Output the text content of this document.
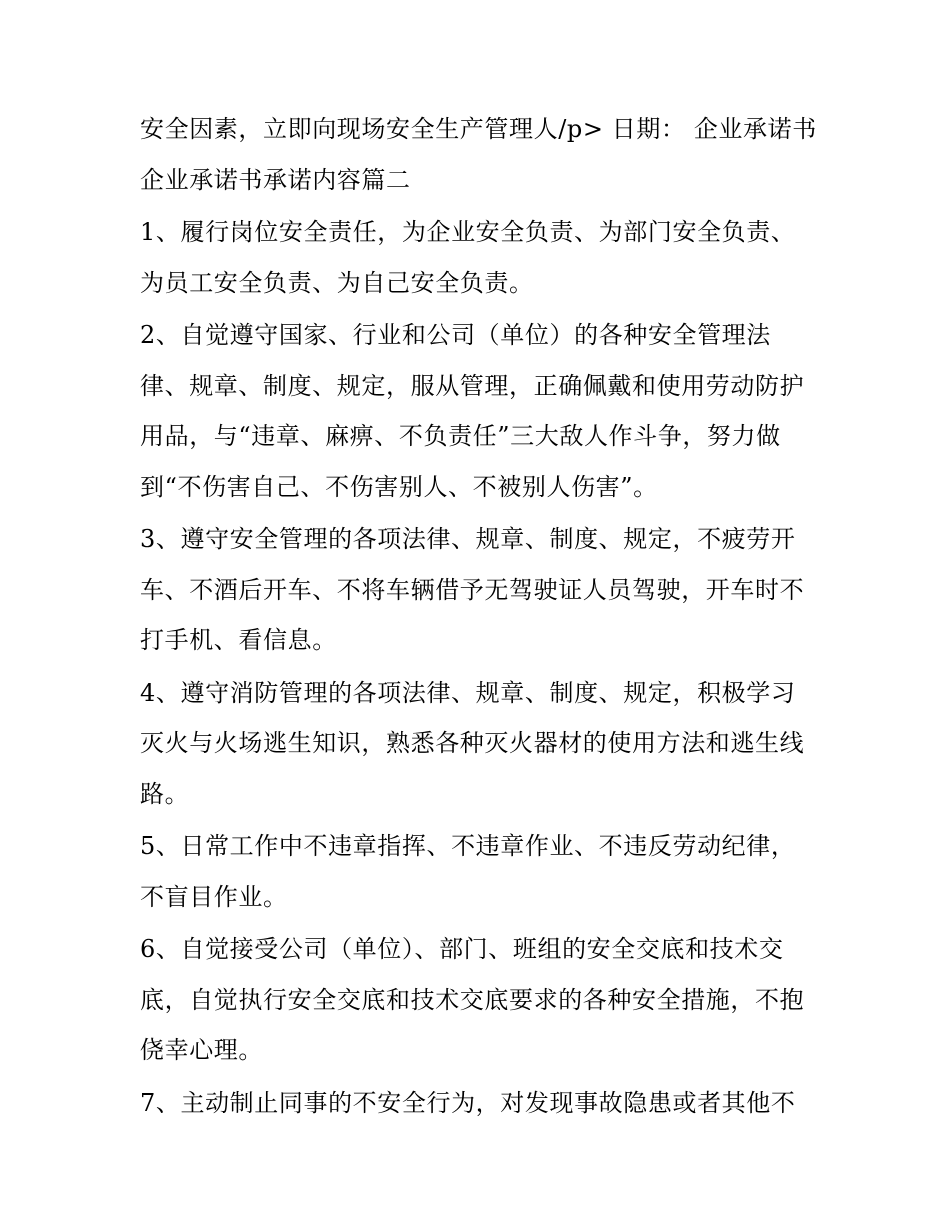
安全因素，立即向现场安全生产管理人/p> 日期： 企业承诺书 企业承诺书承诺内容篇二

1、履行岗位安全责任，为企业安全负责、为部门安全负责、为员工安全负责、为自己安全负责。

2、自觉遵守国家、行业和公司（单位）的各种安全管理法律、规章、制度、规定，服从管理，正确佩戴和使用劳动防护用品，与“违章、麻痹、不负责任”三大敌人作斗争，努力做到“不伤害自己、不伤害别人、不被别人伤害”。

3、遵守安全管理的各项法律、规章、制度、规定，不疲劳开车、不酒后开车、不将车辆借予无驾驶证人员驾驶，开车时不打手机、看信息。

4、遵守消防管理的各项法律、规章、制度、规定，积极学习灭火与火场逃生知识，熟悉各种灭火器材的使用方法和逃生线路。

5、日常工作中不违章指挥、不违章作业、不违反劳动纪律，不盲目作业。

6、自觉接受公司（单位）、部门、班组的安全交底和技术交底，自觉执行安全交底和技术交底要求的各种安全措施，不抱侥幸心理。

7、主动制止同事的不安全行为，对发现事故隐患或者其他不
